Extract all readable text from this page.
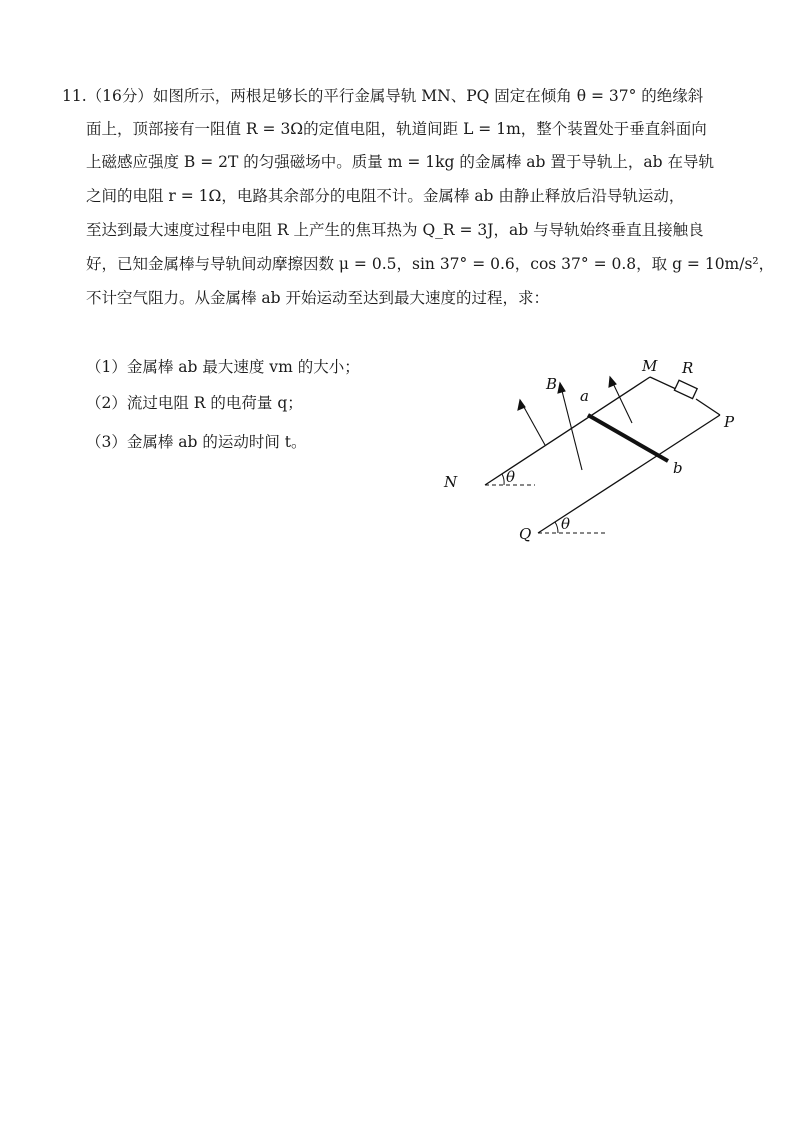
11.（16分）如图所示，两根足够长的平行金属导轨 MN、PQ 固定在倾角 θ = 37° 的绝缘斜
面上，顶部接有一阻值 R = 3Ω的定值电阻，轨道间距 L = 1m，整个装置处于垂直斜面向
上磁感应强度 B = 2T 的匀强磁场中。质量 m = 1kg 的金属棒 ab 置于导轨上，ab 在导轨
之间的电阻 r = 1Ω，电路其余部分的电阻不计。金属棒 ab 由静止释放后沿导轨运动，
至达到最大速度过程中电阻 R 上产生的焦耳热为 Q_R = 3J，ab 与导轨始终垂直且接触良
好，已知金属棒与导轨间动摩擦因数 μ = 0.5，sin 37° = 0.6，cos 37° = 0.8，取 g = 10m/s²，
不计空气阻力。从金属棒 ab 开始运动至达到最大速度的过程，求：
（1）金属棒 ab 最大速度 vm 的大小；
（2）流过电阻 R 的电荷量 q；
（3）金属棒 ab 的运动时间 t。
M R
P
N
Q
B
a
b
θ
θ
